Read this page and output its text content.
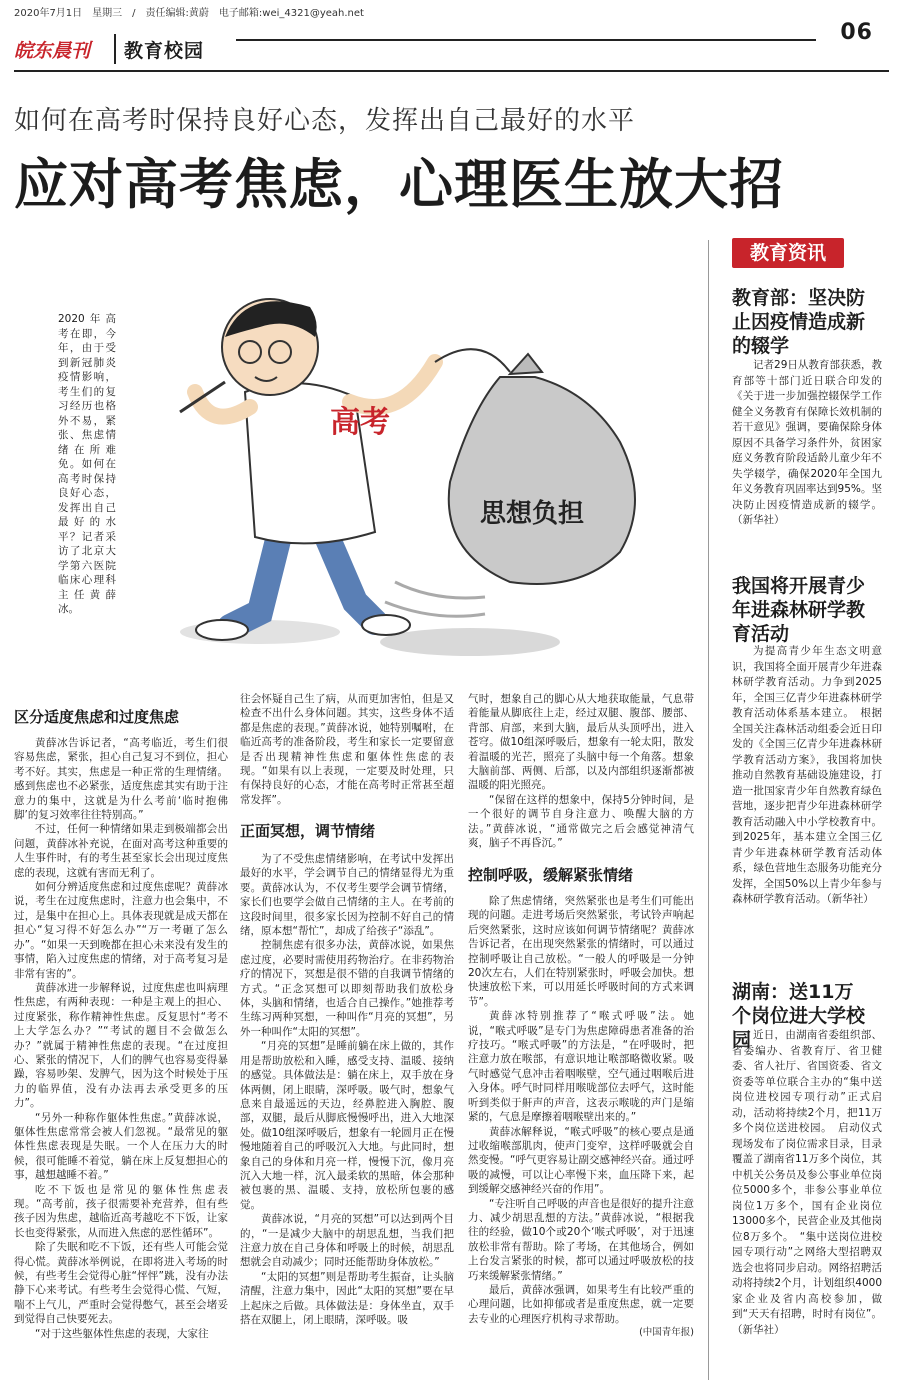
2020年7月1日　星期三　/　责任编辑:黄蔚　电子邮箱:wei_4321@yeah.net
06
皖东晨刊 教育校园
如何在高考时保持良好心态，发挥出自己最好的水平
应对高考焦虑，心理医生放大招
2020年高考在即，今年，由于受到新冠肺炎疫情影响，考生们的复习经历也格外不易，紧张、焦虑情绪在所难免。如何在高考时保持良好心态，发挥出自己最好的水平？记者采访了北京大学第六医院临床心理科主任黄薛冰。
高考
思想负担
教育资讯
教育部：坚决防止因疫情造成新的辍学
记者29日从教育部获悉，教育部等十部门近日联合印发的《关于进一步加强控辍保学工作 健全义务教育有保障长效机制的若干意见》强调，要确保除身体原因不具备学习条件外，贫困家庭义务教育阶段适龄儿童少年不失学辍学，确保2020年全国九年义务教育巩固率达到95%。坚决防止因疫情造成新的辍学。（新华社）
我国将开展青少年进森林研学教育活动
为提高青少年生态文明意识，我国将全面开展青少年进森林研学教育活动。力争到2025年，全国三亿青少年进森林研学教育活动体系基本建立。　根据全国关注森林活动组委会近日印发的《全国三亿青少年进森林研学教育活动方案》，我国将加快推动自然教育基础设施建设，打造一批国家青少年自然教育绿色营地，逐步把青少年进森林研学教育活动融入中小学校教育中。到2025年，基本建立全国三亿青少年进森林研学教育活动体系，绿色营地生态服务功能充分发挥，全国50%以上青少年参与森林研学教育活动。（新华社）
湖南：送11万个岗位进大学校园 近日，由湖南省委组织部、省委编办、省教育厅、省卫健委、省人社厅、省国资委、省文资委等单位联合主办的“集中送岗位进校园专项行动”正式启动，活动将持续2个月，把11万多个岗位送进校园。　启动仪式现场发布了岗位需求目录，目录覆盖了湖南省11万多个岗位，其中机关公务员及参公事业单位岗位5000多个，非参公事业单位岗位1万多个，国有企业岗位13000多个，民营企业及其他岗位8万多个。　“集中送岗位进校园专项行动”之网络大型招聘双选会也将同步启动。网络招聘活动将持续2个月，计划组织4000家企业及省内高校参加，做到“天天有招聘，时时有岗位”。（新华社）
区分适度焦虑和过度焦虑

黄薛冰告诉记者，“高考临近，考生们很容易焦虑，紧张，担心自己复习不到位，担心考不好。其实，焦虑是一种正常的生理情绪。感到焦虑也不必紧张，适度焦虑其实有助于注意力的集中，这就是为什么考前‘临时抱佛脚’的复习效率往往特别高。”

不过，任何一种情绪如果走到极端都会出问题，黄薛冰补充说，在面对高考这种重要的人生事件时，有的考生甚至家长会出现过度焦虑的表现，这就有害而无利了。

如何分辨适度焦虑和过度焦虑呢？黄薛冰说，考生在过度焦虑时，注意力也会集中，不过，是集中在担心上。具体表现就是成天都在担心“复习得不好怎么办”“万一考砸了怎么办”。“如果一天到晚都在担心未来没有发生的事情，陷入过度焦虑的情绪，对于高考复习是非常有害的”。

黄薛冰进一步解释说，过度焦虑也叫病理性焦虑，有两种表现：一种是主观上的担心、过度紧张，称作精神性焦虑。反复思忖“考不上大学怎么办？”“考试的题目不会做怎么办？”就属于精神性焦虑的表现。“在过度担心、紧张的情况下，人们的脾气也容易变得暴躁，容易吵架、发脾气，因为这个时候处于压力的临界值，没有办法再去承受更多的压力”。

“另外一种称作躯体性焦虑。”黄薛冰说，躯体性焦虑常常会被人们忽视。“最常见的躯体性焦虑表现是失眠。一个人在压力大的时候，很可能睡不着觉，躺在床上反复想担心的事，越想越睡不着。”

吃不下饭也是常见的躯体性焦虑表现。“高考前，孩子很需要补充营养，但有些孩子因为焦虑，越临近高考越吃不下饭，让家长也变得紧张，从而进入焦虑的恶性循环”。

除了失眠和吃不下饭，还有些人可能会觉得心慌。黄薛冰举例说，在即将进入考场的时候，有些考生会觉得心脏“怦怦”跳，没有办法静下心来考试。有些考生会觉得心慌、气短，喘不上气儿，严重时会觉得憋气，甚至会堵妥到觉得自己快要死去。

“对于这些躯体性焦虑的表现，大家往

往会怀疑自己生了病，从而更加害怕，但是又检查不出什么身体问题。其实，这些身体不适都是焦虑的表现。”黄薛冰说，她特别嘱咐，在临近高考的准备阶段，考生和家长一定要留意是否出现精神性焦虑和躯体性焦虑的表现。“如果有以上表现，一定要及时处理，只有保持良好的心态，才能在高考时正常甚至超常发挥”。

正面冥想，调节情绪

为了不受焦虑情绪影响，在考试中发挥出最好的水平，学会调节自己的情绪显得尤为重要。黄薛冰认为，不仅考生要学会调节情绪，家长们也要学会做自己情绪的主人。在考前的这段时间里，很多家长因为控制不好自己的情绪，原本想“帮忙”，却成了给孩子“添乱”。

控制焦虑有很多办法，黄薛冰说，如果焦虑过度，必要时需使用药物治疗。在非药物治疗的情况下，冥想是很不错的自我调节情绪的方式。“正念冥想可以即刻帮助我们放松身体，头脑和情绪，也适合自己操作。”她推荐考生练习两种冥想，一种叫作“月亮的冥想”，另外一种叫作“太阳的冥想”。

“月亮的冥想”是睡前躺在床上做的，其作用是帮助放松和入睡，感受支持、温暖、接纳的感觉。具体做法是：躺在床上，双手放在身体两侧，闭上眼睛，深呼吸。吸气时，想象气息来自最遥远的天边，经鼻腔进入胸腔、腹部，双腿，最后从脚底慢慢呼出，进入大地深处。做10组深呼吸后，想象有一轮圆月正在慢慢地随着自己的呼吸沉入大地。与此同时，想象自己的身体和月亮一样，慢慢下沉，像月亮沉入大地一样，沉入最柔软的黑暗，体会那种被包裹的黑、温暖、支持，放松所包裹的感觉。

黄薛冰说，“月亮的冥想”可以达到两个目的，“一是减少大脑中的胡思乱想，当我们把注意力放在自己身体和呼吸上的时候，胡思乱想就会自动减少；同时还能帮助身体放松。”

“太阳的冥想”则是帮助考生振奋，让头脑清醒，注意力集中，因此“太阳的冥想”要在早上起床之后做。具体做法是：身体坐直，双手搭在双腿上，闭上眼睛，深呼吸。吸

气时，想象自己的脚心从大地获取能量，气息带着能量从脚底往上走，经过双腿、腹部、腰部、背部、肩部，来到大脑，最后从头顶呼出，进入苍穹。做10组深呼吸后，想象有一轮太阳，散发着温暖的光芒，照亮了头脑中每一个角落。想象大脑前部、两侧、后部，以及内部组织逐渐都被温暖的阳光照亮。

“保留在这样的想象中，保持5分钟时间，是一个很好的调节自身注意力、唤醒大脑的方法。”黄薛冰说，“通常做完之后会感觉神清气爽，脑子不再昏沉。”

控制呼吸，缓解紧张情绪

除了焦虑情绪，突然紧张也是考生们可能出现的问题。走进考场后突然紧张，考试铃声响起后突然紧张，这时应该如何调节情绪呢？黄薛冰告诉记者，在出现突然紧张的情绪时，可以通过控制呼吸让自己放松。“一般人的呼吸是一分钟20次左右，人们在特别紧张时，呼吸会加快。想快速放松下来，可以用延长呼吸时间的方式来调节”。

黄薛冰特别推荐了“喉式呼吸”法。她说，“喉式呼吸”是专门为焦虑障碍患者准备的治疗技巧。“喉式呼吸”的方法是，“在呼吸时，把注意力放在喉部，有意识地让喉部略微收紧。吸气时感觉气息冲击着咽喉壁，空气通过咽喉后进入身体。呼气时同样用喉咙部位去呼气，这时能听到类似于鼾声的声音，这表示喉咙的声门是缩紧的，气息是摩擦着咽喉壁出来的。”

黄薛冰解释说，“喉式呼吸”的核心要点是通过收缩喉部肌肉，使声门变窄，这样呼吸就会自然变慢。“呼气更容易让副交感神经兴奋。通过呼吸的减慢，可以让心率慢下来，血压降下来，起到缓解交感神经兴奋的作用”。

“专注听自己呼吸的声音也是很好的提升注意力、减少胡思乱想的方法。”黄薛冰说，“根据我往的经验，做10个或20个‘喉式呼吸’，对于迅速放松非常有帮助。除了考场，在其他场合，例如上台发言紧张的时候，都可以通过呼吸放松的技巧来缓解紧张情绪。”

最后，黄薛冰强调，如果考生有比较严重的心理问题，比如抑郁或者是重度焦虑，就一定要去专业的心理医疗机构寻求帮助。

(中国青年报)
